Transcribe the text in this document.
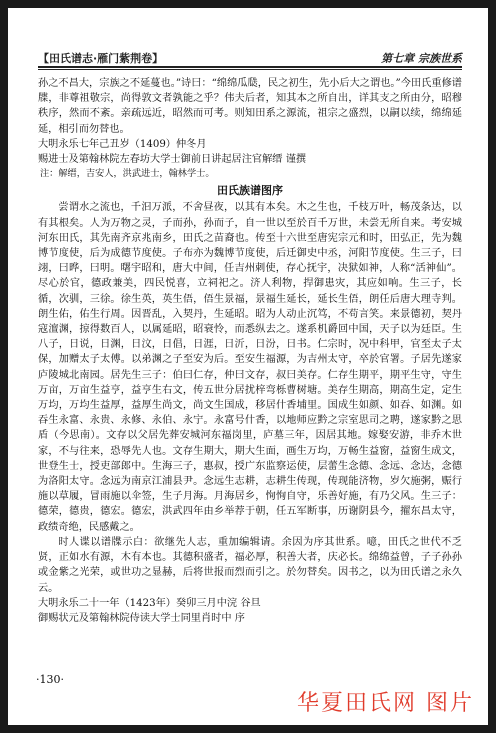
【田氏谱志·雁门紫荆卷】	第七章 宗族世系

孙之不昌大，宗族之不延蔓也。”诗曰：“绵绵瓜瓞，民之初生，先小后大之谓也。”今田氏重修谱牒，非尊祖敬宗，尚得敦文者孰能之乎？伟夫后者，知其本之所自出，详其支之所由分，昭穆秩序，然而不紊。亲疏远近，昭然而可考。则知田系之源流，祖宗之盛烈，以嗣以续，绵绵延延，相引而勿替也。

大明永乐七年己丑岁（1409）仲冬月

赐进士及第翰林院左春坊大学士御前日讲起居注官解缙 谨撰

注：解缙，吉安人，洪武进士，翰林学士。

田氏族谱图序

尝谓水之流也，千汩万派，不舍昼夜，以其有本矣。木之生也，千枝万叶，畅茂条达，以有其根矣。人为万物之灵，子而孙，孙而子，自一世以至於百千万世，未尝无所自来。考安城河东田氏，其先南齐京兆南乡，田氏之苗裔也。传至十六世至唐宪宗元和时，田弘正，先为魏博节度使，后为成德节度使。子布亦为魏博节度使，后迁御史中丞，河阳节度使。生三子，曰翊，曰晔，曰明。曙宇昭和，唐大中间，任吉州刺使，存心抚宇，决狱如神，人称“活神仙”。尽心於官，德政兼美，四民悦喜，立祠祀之。济人利物，捍御患灾，其应如响。生三子，长循，次驯，三徐。徐生英，英生俉，俉生景福，景福生延长，延长生俉，朗任后唐大理寺判。朗生佑，佑生行周。因晋乱，入契丹，生延昭。昭为人动止沉笃，不苟言笑。来景德初，契丹寇澶渊，掠得数百人，以属延昭，昭衰怜，而悉纵去之。遂系机爵回中国，天子以为廷臣。生八子，日说，日渊，日汶，日倡，日涯，日沂，日汾，日书。仁宗时，况中科甲，官至太子太保，加赠太子太傅。以弟渊之子至安为后。至安生福源，为吉州太守，卒於官署。子居先遂家庐陵城北南园。居先生三子：伯曰仁存，仲曰文存，叔曰美存。仁存生期平，期平生守，守生万亩，万亩生益亨，益亨生右文，传五世分居扰梓弯栎曹树塘。美存生期高，期高生定，定生万均，万均生益厚，益厚生尚文，尚文生国成，移居什香埔里。国成生如颜、如吞、如渊。如吞生永富、永贵、永修、永伯、永宁。永富号什香，以地师应黔之宗室思司之聘，遂家黔之思盾（今思南）。文存以父居先葬安城河东福岗里，庐墓三年，因居其地。嫁娶安游，非乔木世家，不与往来，恐辱先人也。文存生期大，期大生面，画生万均，万畅生益窗，益窗生成文，世登生士，授吏部郎中。生海三子，惠叔，授广东监察运使，层蕾生念德、念远、念达，念德为洛阳太守。念远为南京江浦县尹。念远生志耕，志耕生传现，传现能济物，岁欠施粥，赈行施以草履，冒雨施以伞签，生子月海。月海居乡，恂恂自守，乐善好施，有乃父风。生三子：德荣，德贵，德宏。德宏，洪武四年由乡举荐于朝，任五军断事，历谢阴县今，擢东昌太守，政绩奇绝，民感戴之。

时人谍以谱牒示白：欲继先人志，重加编辑请。余因为序其世系。噫，田氏之世代不乏贤，正如水有源，木有本也。其德积盛者，福必厚，积善大者，庆必长。绵绵益曾，子子孙孙或金紫之光荣，或世功之显赫，后将世报而烈而引之。於勿替矣。因书之，以为田氏谱之永久云。

大明永乐二十一年（1423年）癸卯三月中浣 谷旦

御赐状元及第翰林院侍读大学士同里肖时中 序

·130·
华夏田氏网 图片
